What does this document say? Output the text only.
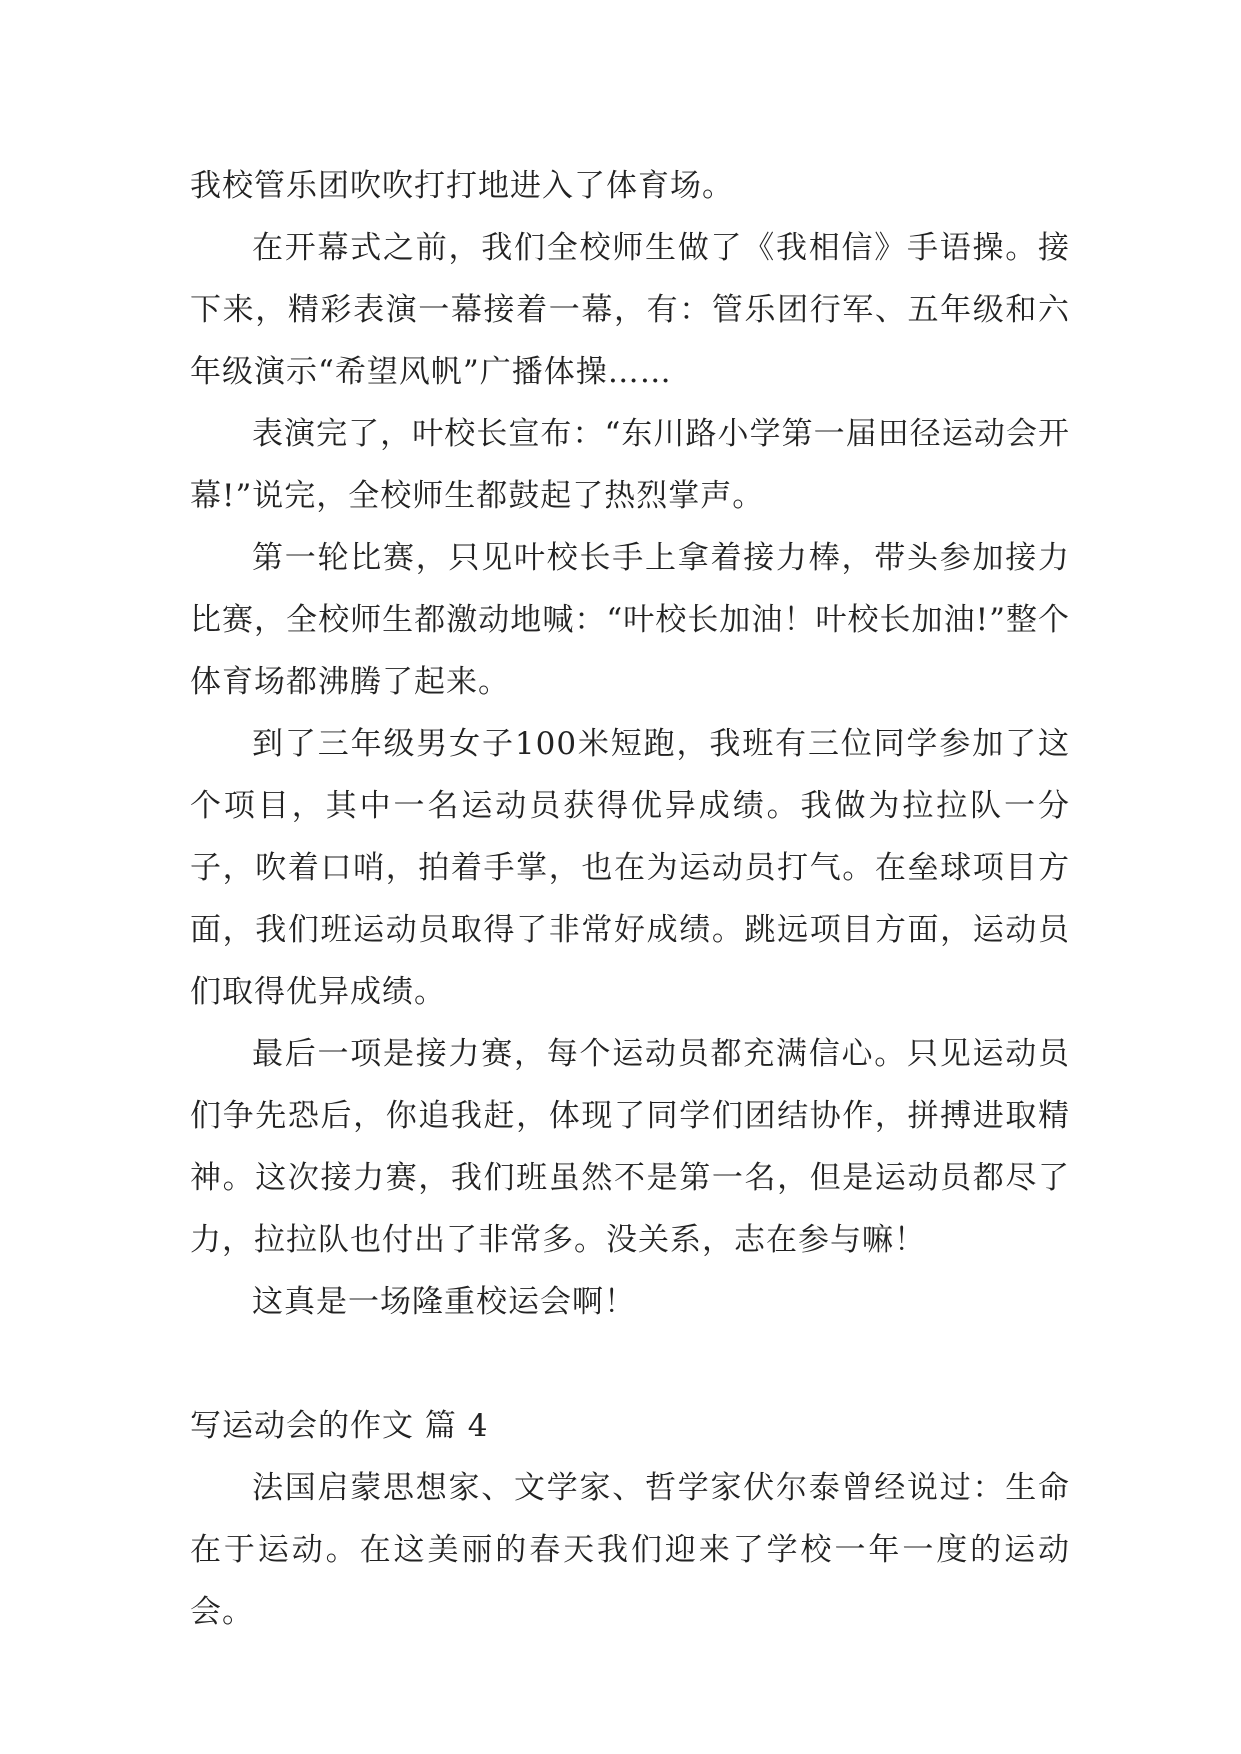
我校管乐团吹吹打打地进入了体育场。

在开幕式之前，我们全校师生做了《我相信》手语操。接下来，精彩表演一幕接着一幕，有：管乐团行军、五年级和六年级演示“希望风帆”广播体操……

表演完了，叶校长宣布：“东川路小学第一届田径运动会开幕!”说完，全校师生都鼓起了热烈掌声。

第一轮比赛，只见叶校长手上拿着接力棒，带头参加接力比赛，全校师生都激动地喊：“叶校长加油！叶校长加油!”整个体育场都沸腾了起来。

到了三年级男女子100米短跑，我班有三位同学参加了这个项目，其中一名运动员获得优异成绩。我做为拉拉队一分子，吹着口哨，拍着手掌，也在为运动员打气。在垒球项目方面，我们班运动员取得了非常好成绩。跳远项目方面，运动员们取得优异成绩。

最后一项是接力赛，每个运动员都充满信心。只见运动员们争先恐后，你追我赶，体现了同学们团结协作，拼搏进取精神。这次接力赛，我们班虽然不是第一名，但是运动员都尽了力，拉拉队也付出了非常多。没关系，志在参与嘛！

这真是一场隆重校运会啊！

写运动会的作文 篇 4

法国启蒙思想家、文学家、哲学家伏尔泰曾经说过：生命在于运动。在这美丽的春天我们迎来了学校一年一度的运动会。
